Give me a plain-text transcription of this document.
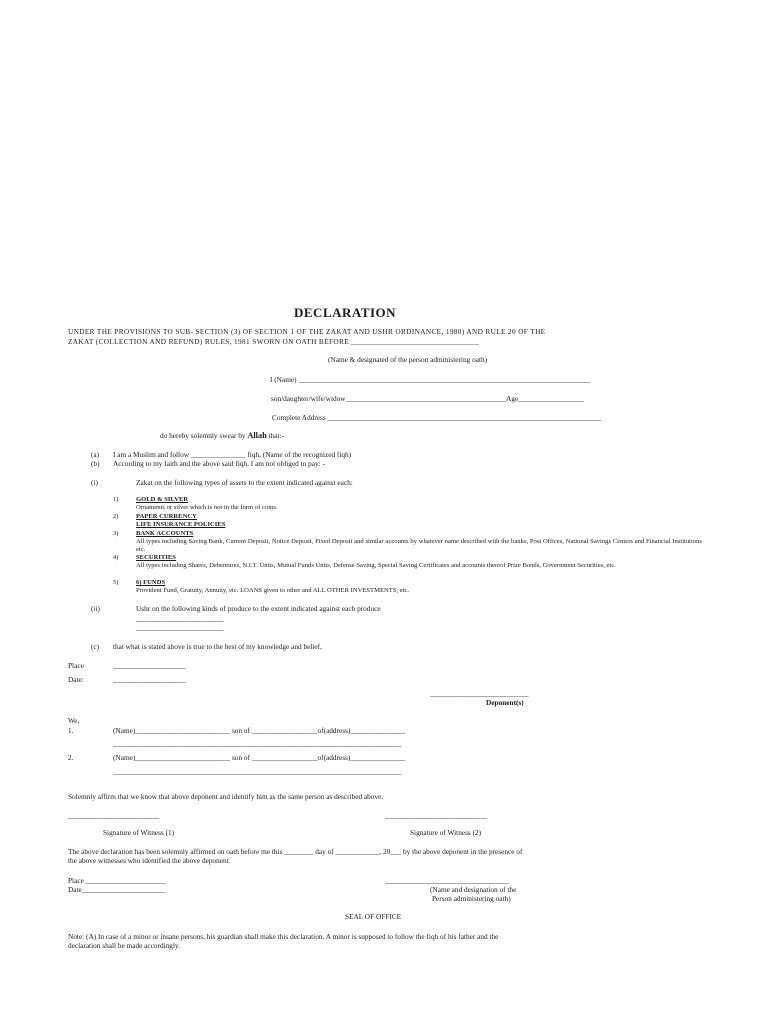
DECLARATION
UNDER THE PROVISIONS TO SUB- SECTION (3) OF SECTION 1 OF THE ZAKAT AND USHR ORDINANCE, 1980) AND RULE 20 OF THE
ZAKAT (COLLECTION AND REFUND) RULES, 1981 SWORN ON OATH BEFORE ________________________________
(Name & designated of the person administering oath)
I (Name) ________________________________________________________________________________
son/daughter/wife/widow____________________________________________Age__________________
Complete Address ___________________________________________________________________________
do hereby solemnly swear by Allah that:-
(a) I am a Muslim and follow _______________ fiqh, (Name of the recognized fiqh)
(b) According to my faith and the above said fiqh, I am not obliged to pay: -
(i)	Zakat on the following types of assets to the extent indicated against each:
1)	GOLD & SILVER
Ornaments or silver which is not in the form of coins.
2)	PAPER CURRENCY
LIFE INSURANCE POLICIES
3)	BANK ACCOUNTS
All types including Saving Bank, Current Deposit, Notice Deposit, Fixed Deposit and similar accounts by whatever name described with the banks, Post Offices, National Savings Centers and Financial Institutions etc.
4)	SECURITIES
All types including Shares, Debentures, N.I.T. Units, Mutual Funds Units, Defense Saving, Special Saving Certificates and accounts thereof Prize Bonds, Government Securities, etc.
5)	6) FUNDS
Provident Fund, Gratuity, Annuity, etc. LOANS given to other and ALL OTHER INVESTMENTS, etc.
(ii)	Ushr on the following kinds of produce to the extent indicated against each produce
________________________
________________________
(c) that what is stated above is true to the best of my knowledge and belief,
Place	____________________
Date:	____________________
___________________________
Deponent(s)
We,
1.	(Name)__________________________ son of __________________of(address)_______________
_______________________________________________________________________________
2.	(Name)__________________________ son of __________________of(address)_______________
_______________________________________________________________________________
Solemnly affirm that we know that above deponent and identify him as the same person as described above.
_________________________	____________________________
Signature of Witness (1)	Signature of Witness (2)
The above declaration has been solemnly affirmed on oath before me this ________ day of ____________, 20___ by the above deponent in the presence of
the above witnesses who identified the above deponent.
Place ______________________
Date_______________________
__________________________________
(Name and designation of the
Person administering oath)
SEAL OF OFFICE
Note: (A) In case of a minor or insane persons, his guardian shall make this declaration. A minor is supposed to follow the fiqh of his father and the
declaration shall be made accordingly.
